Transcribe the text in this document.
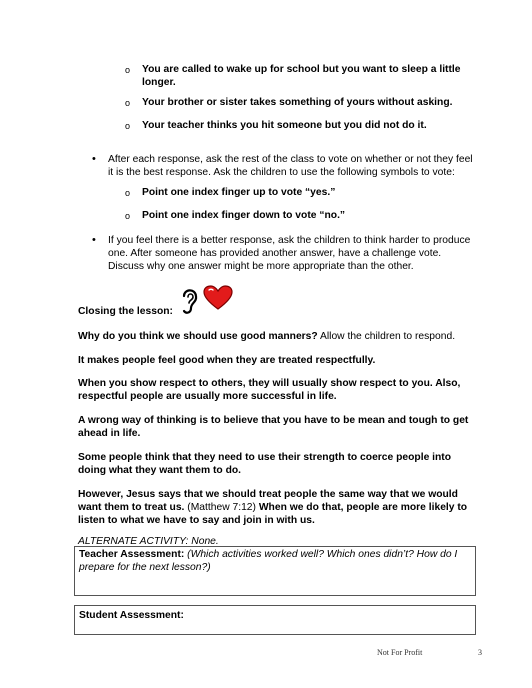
o You are called to wake up for school but you want to sleep a little
longer.
o Your brother or sister takes something of yours without asking.
o Your teacher thinks you hit someone but you did not do it.
• After each response, ask the rest of the class to vote on whether or not they feel
it is the best response. Ask the children to use the following symbols to vote:
o Point one index finger up to vote “yes.”
o Point one index finger down to vote “no.”
• If you feel there is a better response, ask the children to think harder to produce
one. After someone has provided another answer, have a challenge vote.
Discuss why one answer might be more appropriate than the other.
Closing the lesson:
Why do you think we should use good manners? Allow the children to respond.
It makes people feel good when they are treated respectfully.
When you show respect to others, they will usually show respect to you. Also,
respectful people are usually more successful in life.
A wrong way of thinking is to believe that you have to be mean and tough to get
ahead in life.
Some people think that they need to use their strength to coerce people into
doing what they want them to do.
However, Jesus says that we should treat people the same way that we would
want them to treat us. (Matthew 7:12) When we do that, people are more likely to
listen to what we have to say and join in with us.
ALTERNATE ACTIVITY: None.
Teacher Assessment: (Which activities worked well? Which ones didn’t? How do I
prepare for the next lesson?)
Student Assessment:
Not For Profit	3
